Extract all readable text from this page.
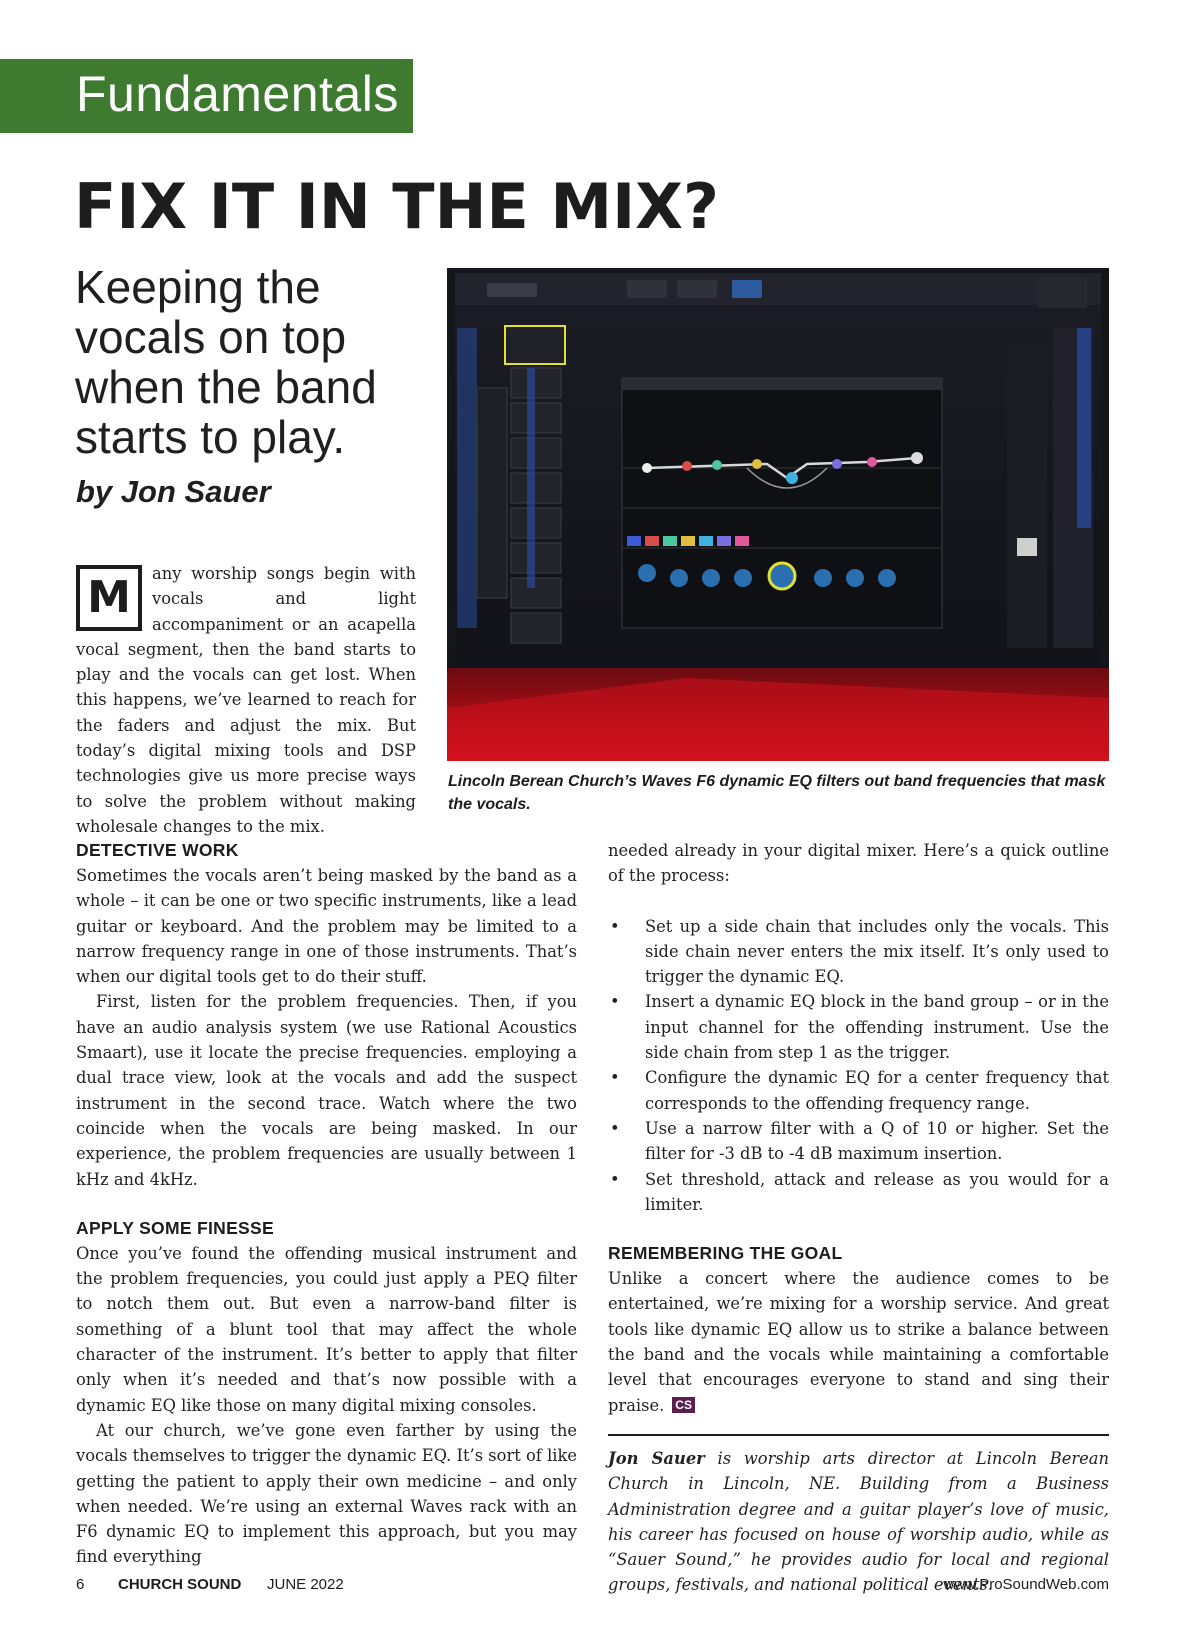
Fundamentals
FIX IT IN THE MIX?
Keeping the vocals on top when the band starts to play.
by Jon Sauer
M	any worship songs begin with vocals and light accompaniment or an acapella vocal segment, then the band starts to play and the vocals can get lost. When this happens, we’ve learned to reach for the faders and adjust the mix. But today’s digital mixing tools and DSP technologies give us more precise ways to solve the problem without making wholesale changes to the mix.

Lincoln Berean Church’s Waves F6 dynamic EQ filters out band frequencies that mask the vocals.
DETECTIVE WORK

Sometimes the vocals aren’t being masked by the band as a whole – it can be one or two specific instruments, like a lead guitar or keyboard. And the problem may be limited to a narrow frequency range in one of those instruments. That’s when our digital tools get to do their stuff.

First, listen for the problem frequencies. Then, if you have an audio analysis system (we use Rational Acoustics Smaart), use it locate the precise frequencies. employing a dual trace view, look at the vocals and add the suspect instrument in the second trace. Watch where the two coincide when the vocals are being masked. In our experience, the problem frequencies are usually between 1 kHz and 4kHz.

APPLY SOME FINESSE

Once you’ve found the offending musical instrument and the problem frequencies, you could just apply a PEQ filter to notch them out. But even a narrow-band filter is something of a blunt tool that may affect the whole character of the instrument. It’s better to apply that filter only when it’s needed and that’s now possible with a dynamic EQ like those on many digital mixing consoles.

At our church, we’ve gone even farther by using the vocals themselves to trigger the dynamic EQ. It’s sort of like getting the patient to apply their own medicine – and only when needed. We’re using an external Waves rack with an F6 dynamic EQ to implement this approach, but you may find everything

needed already in your digital mixer. Here’s a quick outline of the process:

• Set up a side chain that includes only the vocals. This side chain never enters the mix itself. It’s only used to trigger the dynamic EQ.
• Insert a dynamic EQ block in the band group – or in the input channel for the offending instrument. Use the side chain from step 1 as the trigger.
• Configure the dynamic EQ for a center frequency that corresponds to the offending frequency range.
• Use a narrow filter with a Q of 10 or higher. Set the filter for -3 dB to -4 dB maximum insertion.
• Set threshold, attack and release as you would for a limiter.
REMEMBERING THE GOAL

Unlike a concert where the audience comes to be entertained, we’re mixing for a worship service. And great tools like dynamic EQ allow us to strike a balance between the band and the vocals while maintaining a comfortable level that encourages everyone to stand and sing their praise. CS

Jon Sauer is worship arts director at Lincoln Berean Church in Lincoln, NE. Building from a Business Administration degree and a guitar player’s love of music, his career has focused on house of worship audio, while as “Sauer Sound,” he provides audio for local and regional groups, festivals, and national political events.

6 CHURCH SOUND JUNE 2022	www.ProSoundWeb.com
